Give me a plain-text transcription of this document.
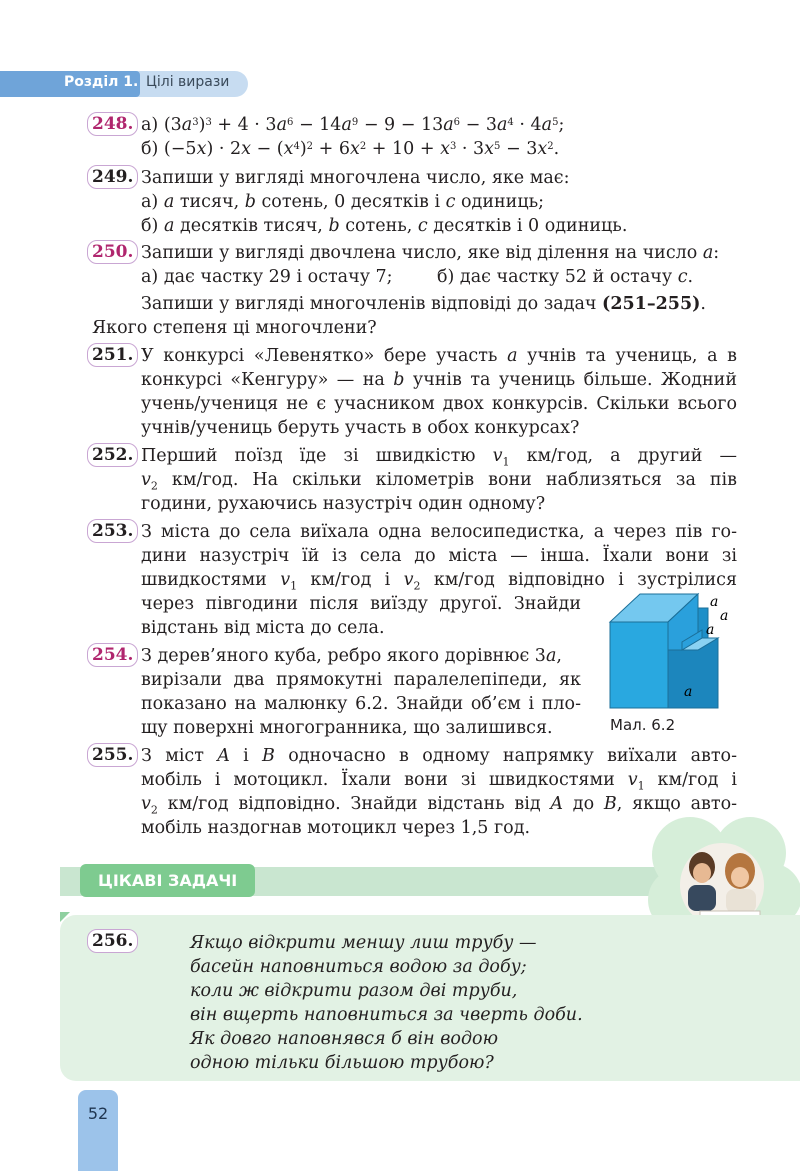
Розділ 1. Цілі вирази
248. а) $(3a^3)^3 + 4 \cdot 3a^6 - 14a^9 - 9 - 13a^6 - 3a^4 \cdot 4a^5$;
б) $(-5x) \cdot 2x - (x^4)^2 + 6x^2 + 10 + x^3 \cdot 3x^5 - 3x^2$.
249. Запиши у вигляді многочлена число, яке має:
а) a тисяч, b сотень, 0 десятків і c одиниць;
б) a десятків тисяч, b сотень, c десятків і 0 одиниць.
250. Запиши у вигляді двочлена число, яке від ділення на число a:
а) дає частку 29 і остачу 7;	б) дає частку 52 й остачу c.
Запиши у вигляді многочленів відповіді до задач (251–255).
Якого степеня ці многочлени?
251. У конкурсі «Левенятко» бере участь a учнів та учениць, а в
конкурсі «Кенгуру» — на b учнів та учениць більше. Жодний
учень/учениця не є учасником двох конкурсів. Скільки всього
учнів/учениць беруть участь в обох конкурсах?
252. Перший поїзд їде зі швидкістю $v_1$ км/год, а другий —
$v_2$ км/год. На скільки кілометрів вони наблизяться за пів
години, рухаючись назустріч один одному?
253. З міста до села виїхала одна велосипедистка, а через пів го-
дини назустріч їй із села до міста — інша. Їхали вони зі
швидкостями $v_1$ км/год і $v_2$ км/год відповідно і зустрілися
через півгодини після виїзду другої. Знайди
відстань від міста до села.
254. З дерев’яного куба, ребро якого дорівнює 3a,
вирізали два прямокутні паралелепіпеди, як
показано на малюнку 6.2. Знайди об’єм і пло-
щу поверхні многогранника, що залишився.
a
a
a
a
Мал. 6.2
255. З міст A і B одночасно в одному напрямку виїхали авто-
мобіль і мотоцикл. Їхали вони зі швидкостями $v_1$ км/год і
$v_2$ км/год відповідно. Знайди відстань від A до B, якщо авто-
мобіль наздогнав мотоцикл через 1,5 год.
ЦІКАВІ ЗАДАЧІ
256.	Якщо відкрити меншу лиш трубу —
басейн наповниться водою за добу;
коли ж відкрити разом дві труби,
він вщерть наповниться за чверть доби.
Як довго наповнявся б він водою
одною тільки більшою трубою?
52
